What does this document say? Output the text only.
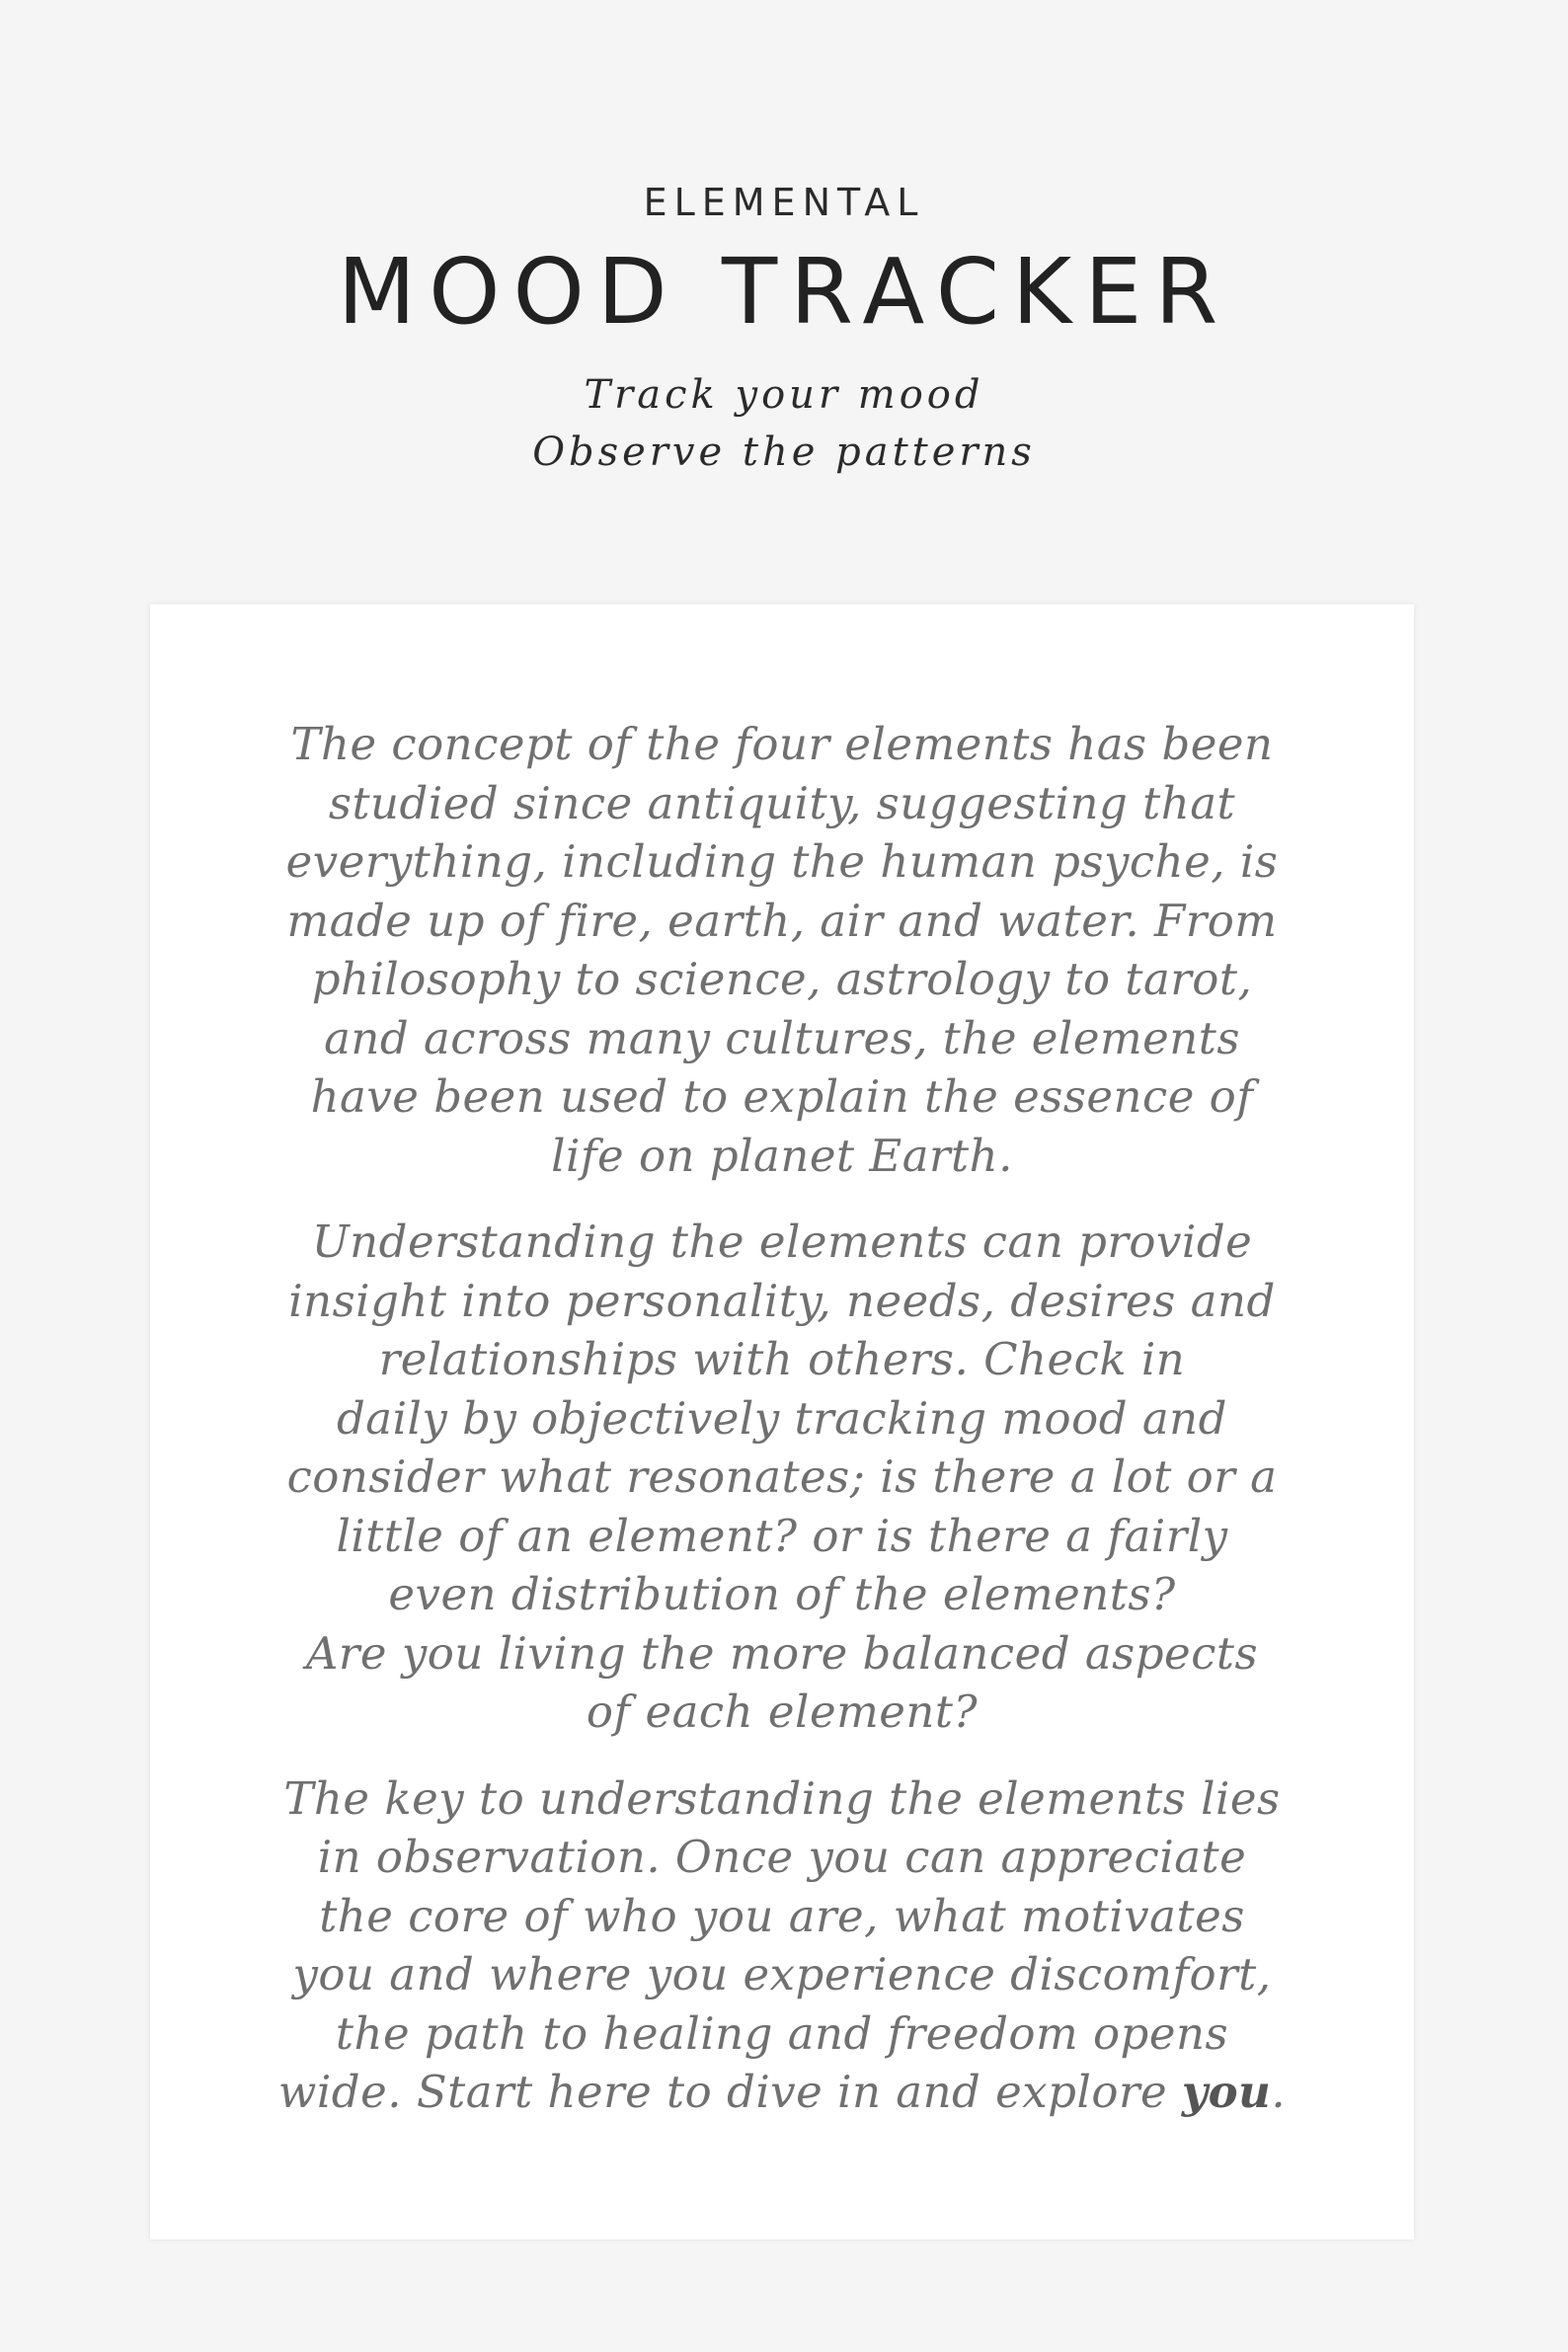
ELEMENTAL
MOOD TRACKER
Track your mood
Observe the patterns

The concept of the four elements has been
studied since antiquity, suggesting that
everything, including the human psyche, is
made up of fire, earth, air and water. From
philosophy to science, astrology to tarot,
and across many cultures, the elements
have been used to explain the essence of
life on planet Earth.

Understanding the elements can provide
insight into personality, needs, desires and
relationships with others. Check in
daily by objectively tracking mood and
consider what resonates; is there a lot or a
little of an element? or is there a fairly
even distribution of the elements?
Are you living the more balanced aspects
of each element?

The key to understanding the elements lies
in observation. Once you can appreciate
the core of who you are, what motivates
you and where you experience discomfort,
the path to healing and freedom opens
wide. Start here to dive in and explore you.
